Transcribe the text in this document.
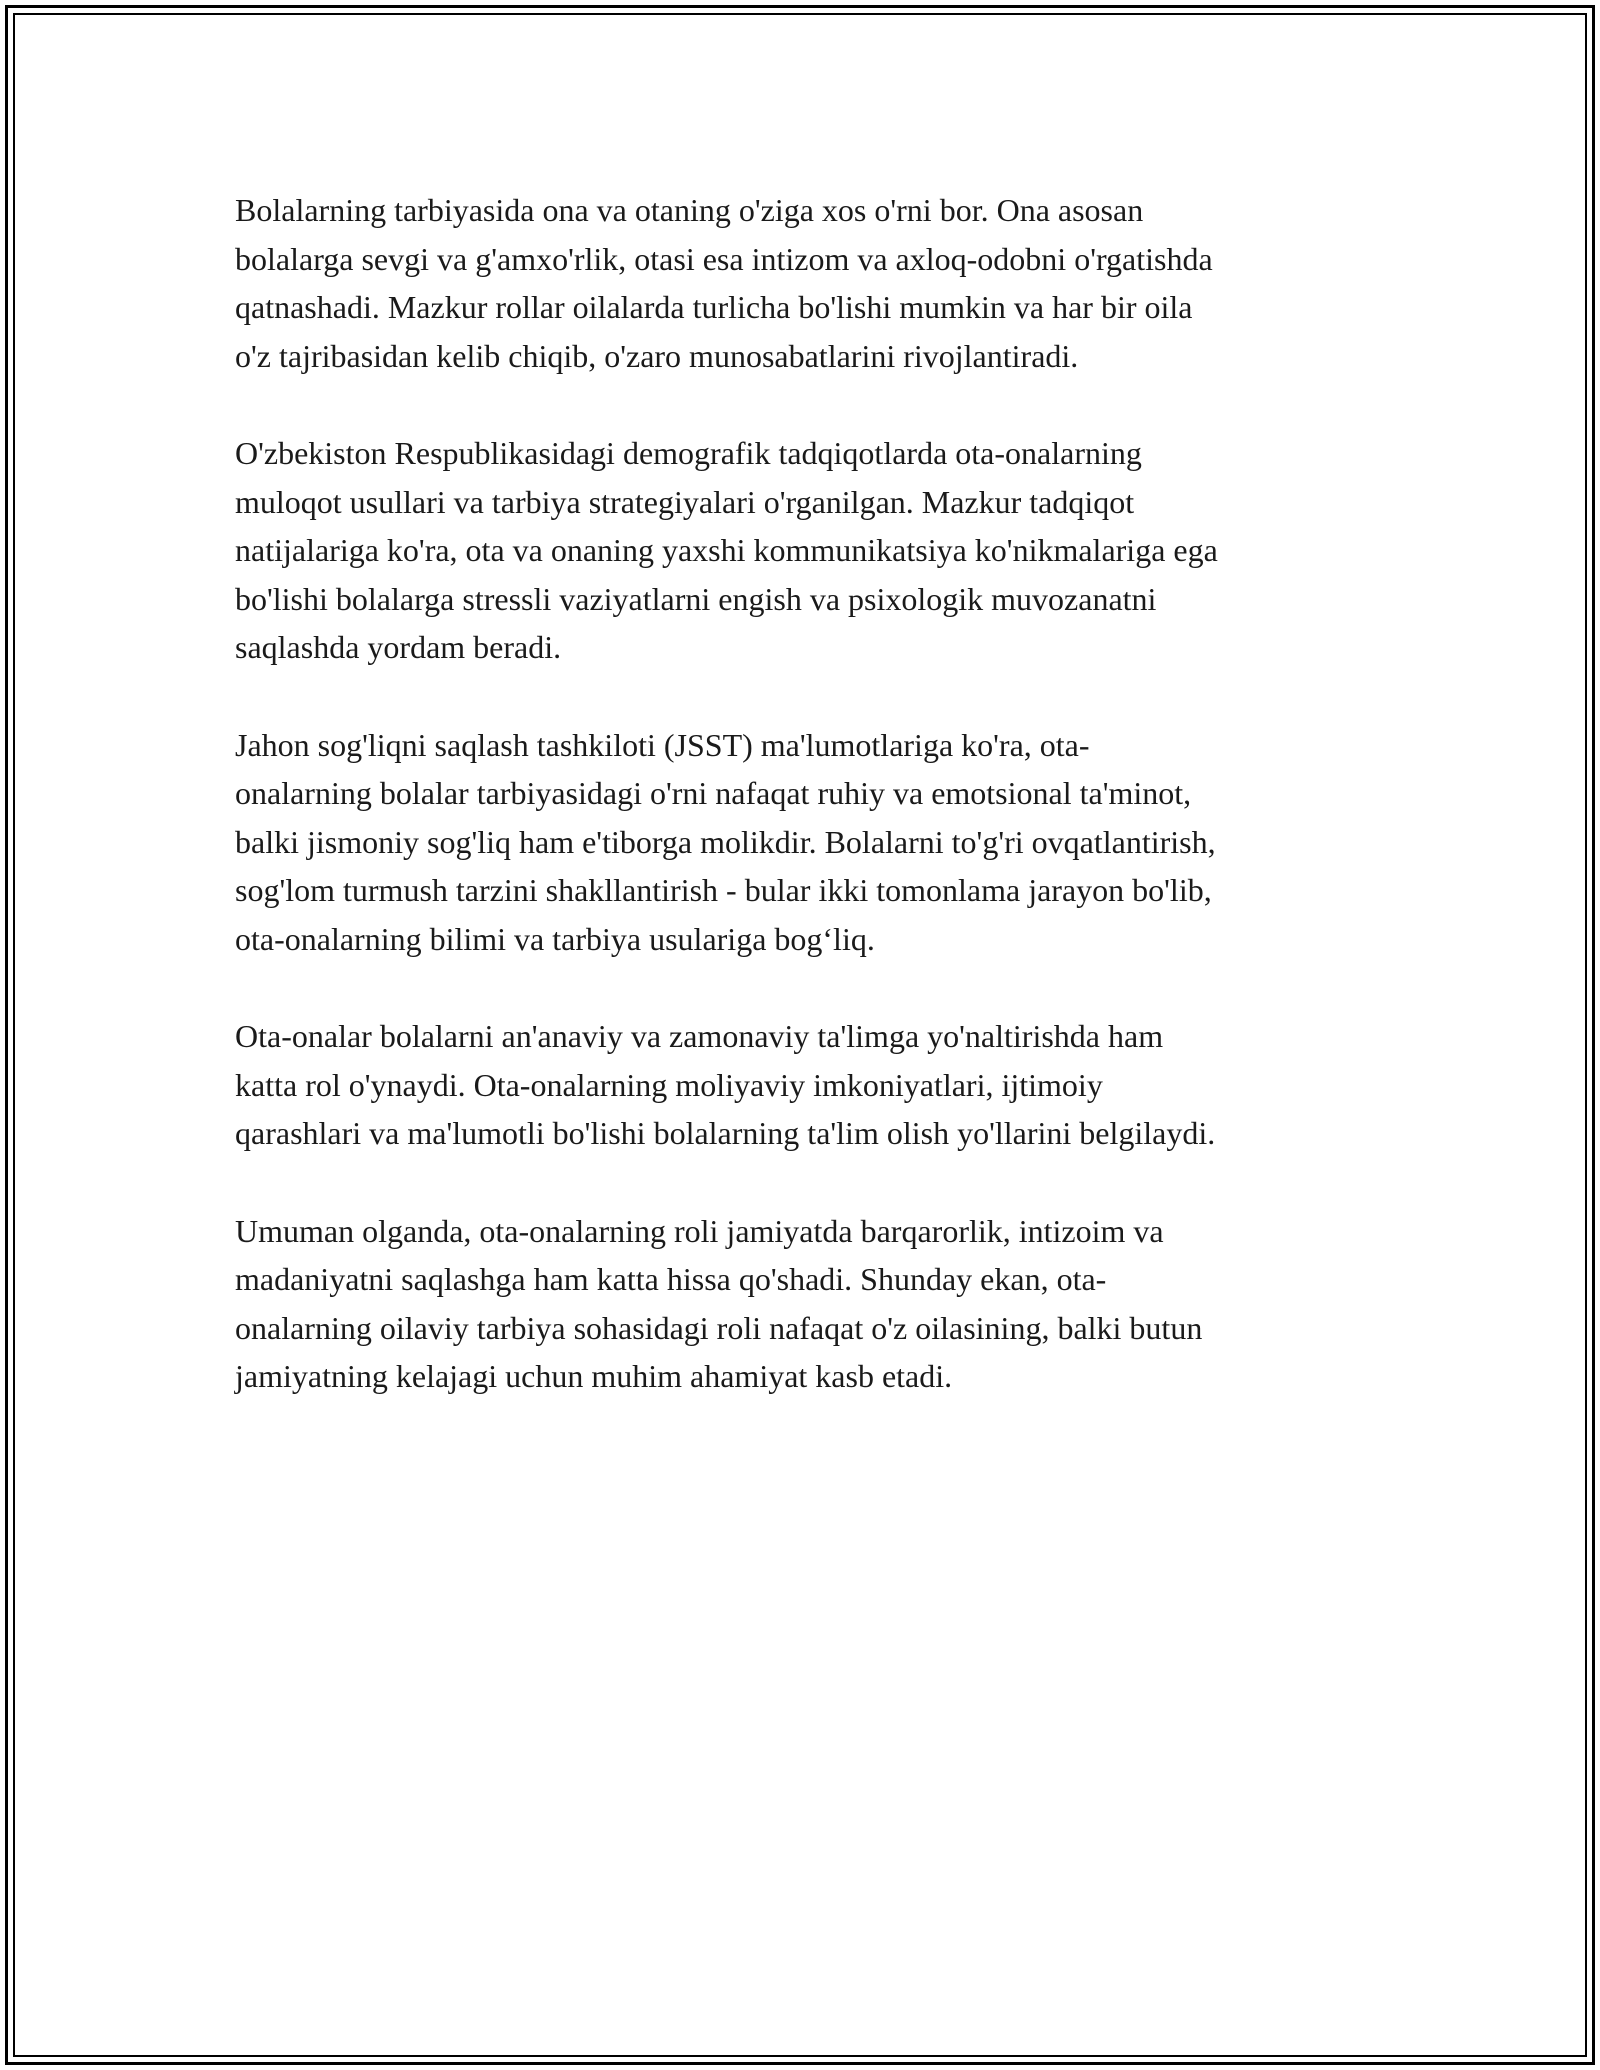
Bolalarning tarbiyasida ona va otaning o'ziga xos o'rni bor. Ona asosan
bolalarga sevgi va g'amxo'rlik, otasi esa intizom va axloq-odobni o'rgatishda
qatnashadi. Mazkur rollar oilalarda turlicha bo'lishi mumkin va har bir oila
o'z tajribasidan kelib chiqib, o'zaro munosabatlarini rivojlantiradi.

O'zbekiston Respublikasidagi demografik tadqiqotlarda ota-onalarning
muloqot usullari va tarbiya strategiyalari o'rganilgan. Mazkur tadqiqot
natijalariga ko'ra, ota va onaning yaxshi kommunikatsiya ko'nikmalariga ega
bo'lishi bolalarga stressli vaziyatlarni engish va psixologik muvozanatni
saqlashda yordam beradi.

Jahon sog'liqni saqlash tashkiloti (JSST) ma'lumotlariga ko'ra, ota-
onalarning bolalar tarbiyasidagi o'rni nafaqat ruhiy va emotsional ta'minot,
balki jismoniy sog'liq ham e'tiborga molikdir. Bolalarni to'g'ri ovqatlantirish,
sog'lom turmush tarzini shakllantirish - bular ikki tomonlama jarayon bo'lib,
ota-onalarning bilimi va tarbiya usulariga bog‘liq.

Ota-onalar bolalarni an'anaviy va zamonaviy ta'limga yo'naltirishda ham
katta rol o'ynaydi. Ota-onalarning moliyaviy imkoniyatlari, ijtimoiy
qarashlari va ma'lumotli bo'lishi bolalarning ta'lim olish yo'llarini belgilaydi.

Umuman olganda, ota-onalarning roli jamiyatda barqarorlik, intizoim va
madaniyatni saqlashga ham katta hissa qo'shadi. Shunday ekan, ota-
onalarning oilaviy tarbiya sohasidagi roli nafaqat o'z oilasining, balki butun
jamiyatning kelajagi uchun muhim ahamiyat kasb etadi.
